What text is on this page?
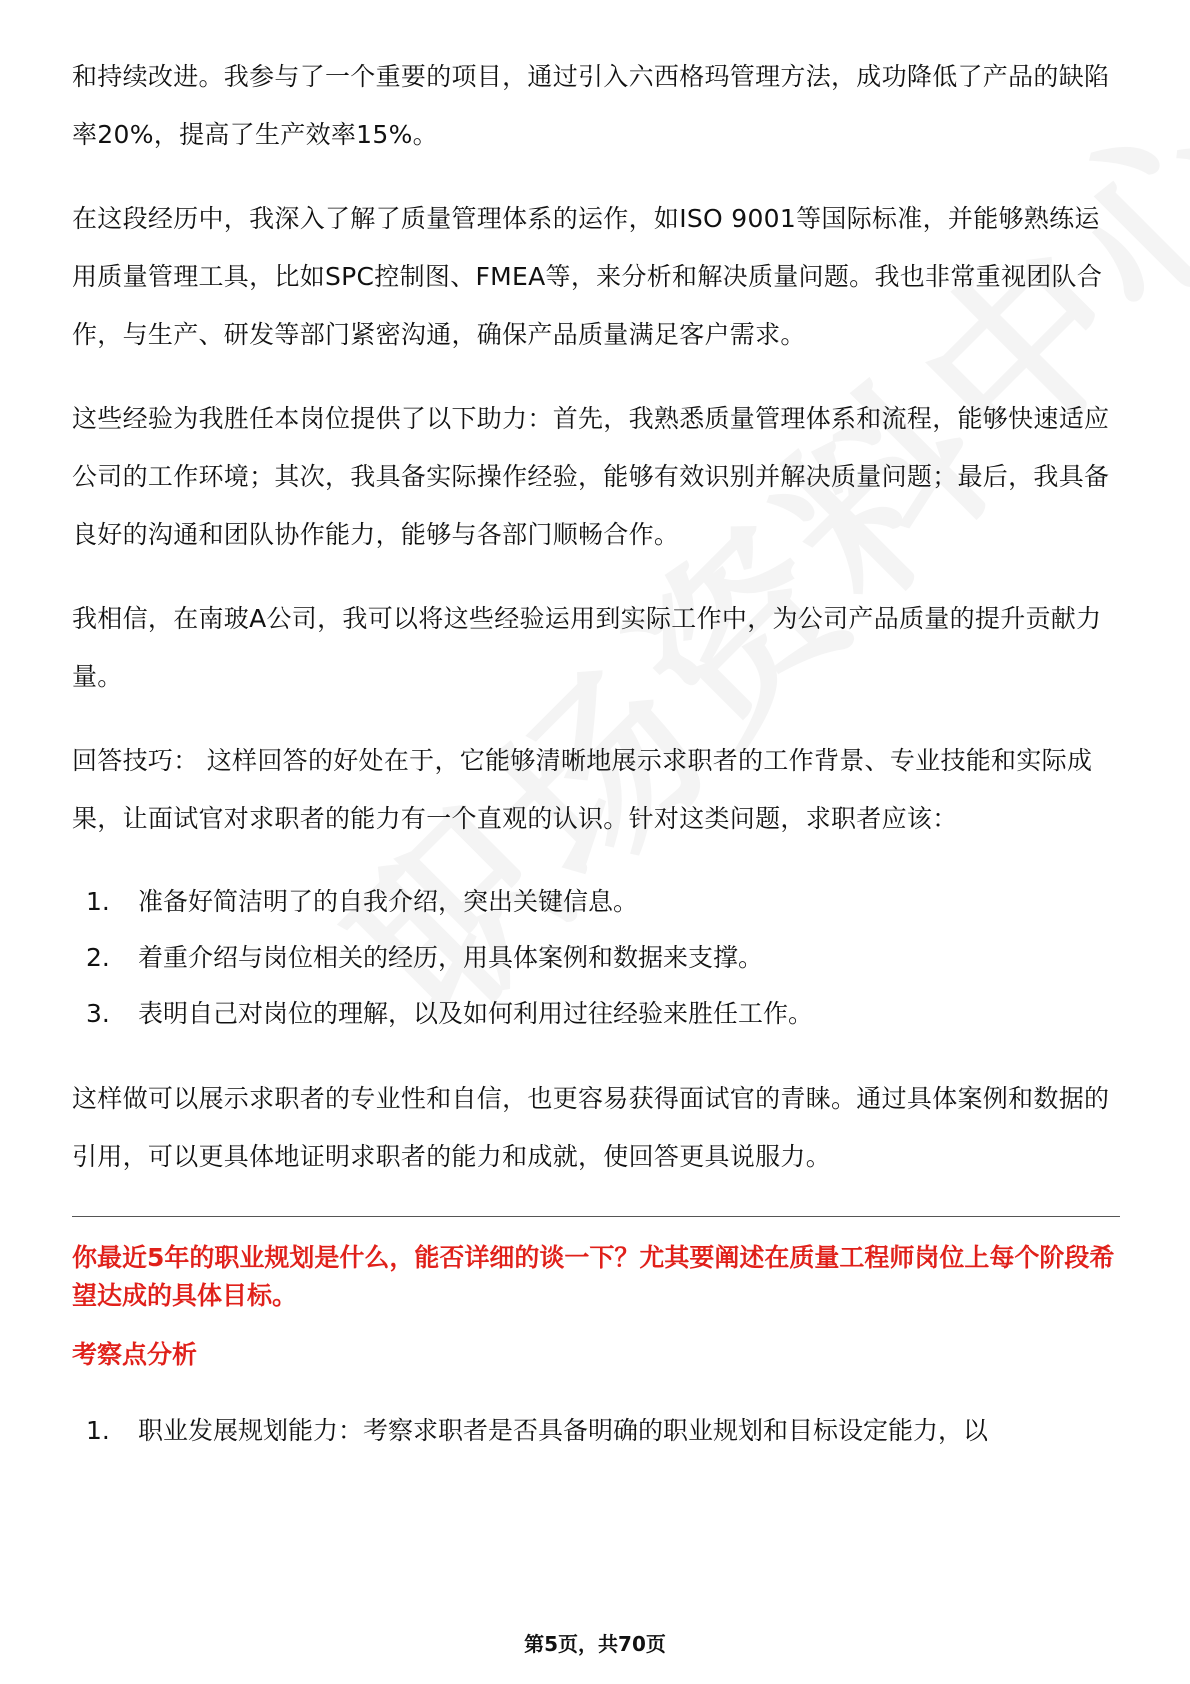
和持续改进。我参与了一个重要的项目，通过引入六西格玛管理方法，成功降低了产品的缺陷率20%，提高了生产效率15%。

在这段经历中，我深入了解了质量管理体系的运作，如ISO 9001等国际标准，并能够熟练运用质量管理工具，比如SPC控制图、FMEA等，来分析和解决质量问题。我也非常重视团队合作，与生产、研发等部门紧密沟通，确保产品质量满足客户需求。

这些经验为我胜任本岗位提供了以下助力：首先，我熟悉质量管理体系和流程，能够快速适应公司的工作环境；其次，我具备实际操作经验，能够有效识别并解决质量问题；最后，我具备良好的沟通和团队协作能力，能够与各部门顺畅合作。

我相信，在南玻A公司，我可以将这些经验运用到实际工作中，为公司产品质量的提升贡献力量。

回答技巧： 这样回答的好处在于，它能够清晰地展示求职者的工作背景、专业技能和实际成果，让面试官对求职者的能力有一个直观的认识。针对这类问题，求职者应该：

1.	准备好简洁明了的自我介绍，突出关键信息。
2.	着重介绍与岗位相关的经历，用具体案例和数据来支撑。
3.	表明自己对岗位的理解，以及如何利用过往经验来胜任工作。

这样做可以展示求职者的专业性和自信，也更容易获得面试官的青睐。通过具体案例和数据的引用，可以更具体地证明求职者的能力和成就，使回答更具说服力。

你最近5年的职业规划是什么，能否详细的谈一下？尤其要阐述在质量工程师岗位上每个阶段希望达成的具体目标。

考察点分析

1.	职业发展规划能力：考察求职者是否具备明确的职业规划和目标设定能力，以
第5页，共70页
